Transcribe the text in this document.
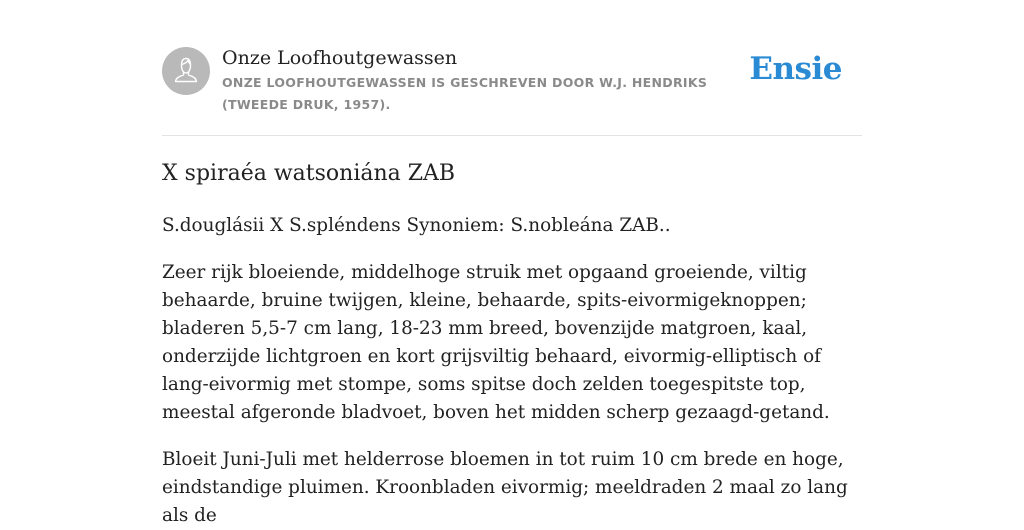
Onze Loofhoutgewassen
ONZE LOOFHOUTGEWASSEN IS GESCHREVEN DOOR W.J. HENDRIKS (TWEEDE DRUK, 1957).
Ensie
X spiraéa watsoniána ZAB

S.douglásii X S.spléndens Synoniem: S.nobleána ZAB..

Zeer rijk bloeiende, middelhoge struik met opgaand groeiende, viltig behaarde, bruine twijgen, kleine, behaarde, spits-eivormigeknoppen; bladeren 5,5-7 cm lang, 18-23 mm breed, bovenzijde matgroen, kaal, onderzijde lichtgroen en kort grijsviltig behaard, eivormig-elliptisch of lang-eivormig met stompe, soms spitse doch zelden toegespitste top, meestal afgeronde bladvoet, boven het midden scherp gezaagd-getand.

Bloeit Juni-Juli met helderrose bloemen in tot ruim 10 cm brede en hoge, eindstandige pluimen. Kroonbladen eivormig; meeldraden 2 maal zo lang als de
